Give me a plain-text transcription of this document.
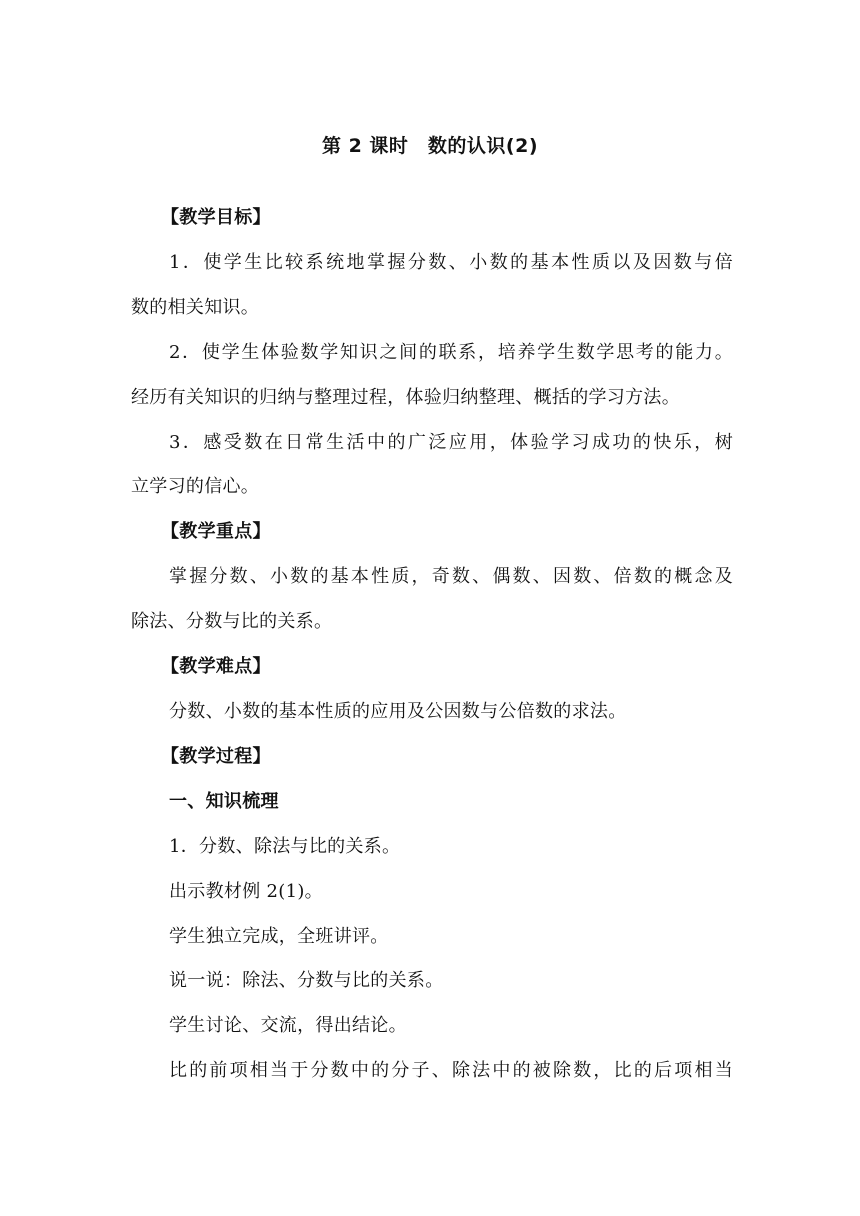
第 2 课时　数的认识(2)

【教学目标】

1．使学生比较系统地掌握分数、小数的基本性质以及因数与倍

数的相关知识。

2．使学生体验数学知识之间的联系，培养学生数学思考的能力。

经历有关知识的归纳与整理过程，体验归纳整理、概括的学习方法。

3．感受数在日常生活中的广泛应用，体验学习成功的快乐，树

立学习的信心。

【教学重点】

掌握分数、小数的基本性质，奇数、偶数、因数、倍数的概念及

除法、分数与比的关系。

【教学难点】

分数、小数的基本性质的应用及公因数与公倍数的求法。

【教学过程】

一、知识梳理

1．分数、除法与比的关系。

出示教材例 2(1)。

学生独立完成，全班讲评。

说一说：除法、分数与比的关系。

学生讨论、交流，得出结论。

比的前项相当于分数中的分子、除法中的被除数，比的后项相当
